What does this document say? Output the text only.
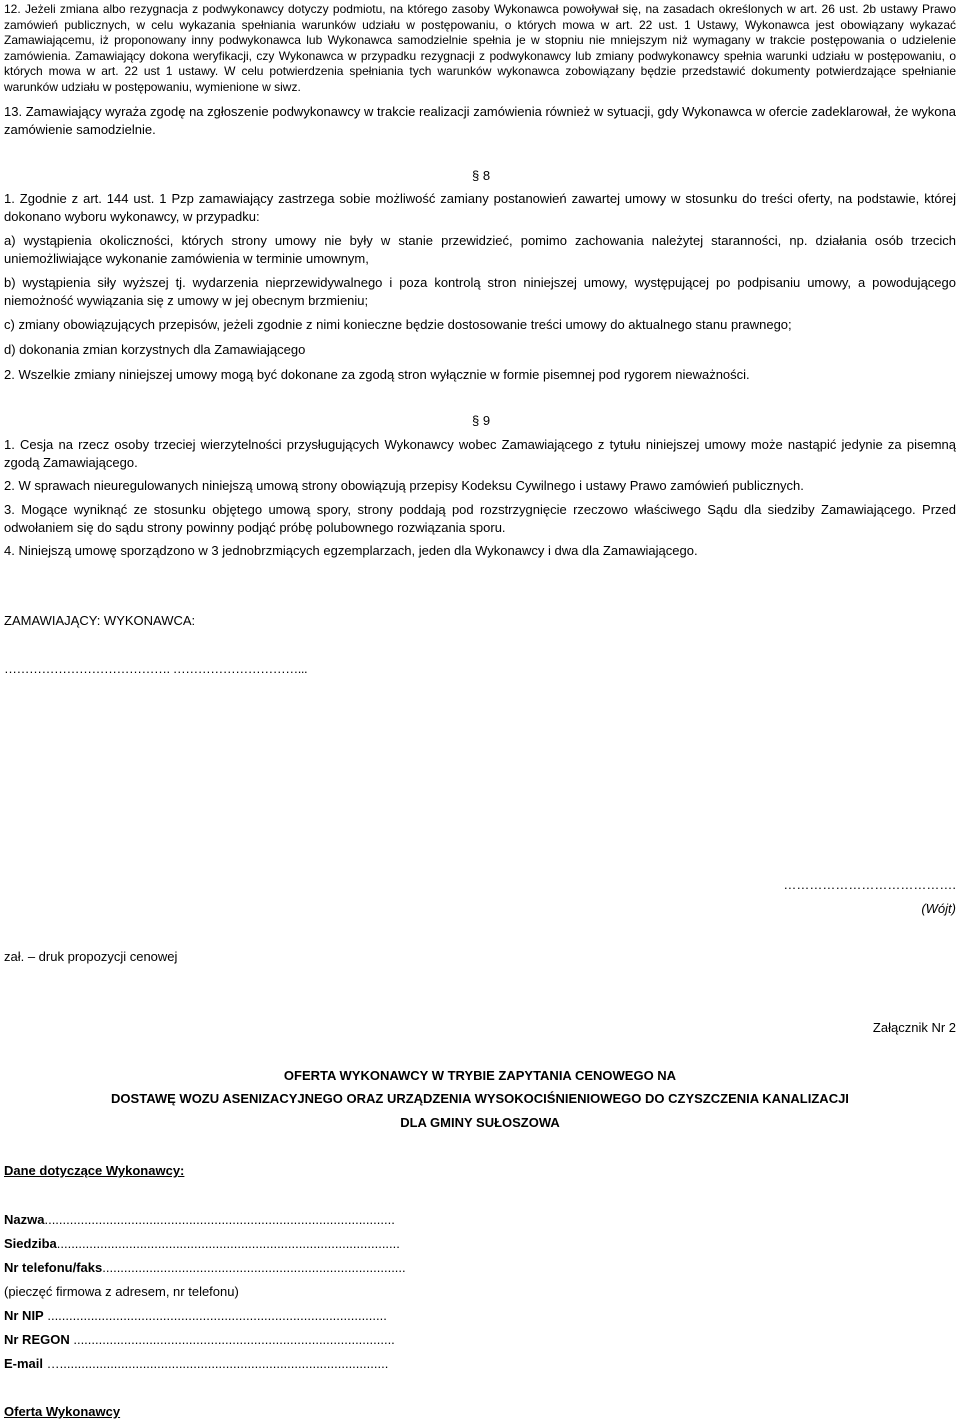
12. Jeżeli zmiana albo rezygnacja z podwykonawcy dotyczy podmiotu, na którego zasoby Wykonawca powoływał się, na zasadach określonych w art. 26 ust. 2b ustawy Prawo zamówień publicznych, w celu wykazania spełniania warunków udziału w postępowaniu, o których mowa w art. 22 ust. 1 Ustawy, Wykonawca jest obowiązany wykazać Zamawiającemu, iż proponowany inny podwykonawca lub Wykonawca samodzielnie spełnia je w stopniu nie mniejszym niż wymagany w trakcie postępowania o udzielenie zamówienia. Zamawiający dokona weryfikacji, czy Wykonawca w przypadku rezygnacji z podwykonawcy lub zmiany podwykonawcy spełnia warunki udziału w postępowaniu, o których mowa w art. 22 ust 1 ustawy. W celu potwierdzenia spełniania tych warunków wykonawca zobowiązany będzie przedstawić dokumenty potwierdzające spełnianie warunków udziału w postępowaniu, wymienione w siwz.

13. Zamawiający wyraża zgodę na zgłoszenie podwykonawcy w trakcie realizacji zamówienia również w sytuacji, gdy Wykonawca w ofercie zadeklarował, że wykona zamówienie samodzielnie.

§ 8

1. Zgodnie z art. 144 ust. 1 Pzp zamawiający zastrzega sobie możliwość zamiany postanowień zawartej umowy w stosunku do treści oferty, na podstawie, której dokonano wyboru wykonawcy, w przypadku:

a) wystąpienia okoliczności, których strony umowy nie były w stanie przewidzieć, pomimo zachowania należytej staranności, np. działania osób trzecich uniemożliwiające wykonanie zamówienia w terminie umownym,

b) wystąpienia siły wyższej tj. wydarzenia nieprzewidywalnego i poza kontrolą stron niniejszej umowy, występującej po podpisaniu umowy, a powodującego niemożność wywiązania się z umowy w jej obecnym brzmieniu;

c) zmiany obowiązujących przepisów, jeżeli zgodnie z nimi konieczne będzie dostosowanie treści umowy do aktualnego stanu prawnego;

d) dokonania zmian korzystnych dla Zamawiającego

2. Wszelkie zmiany niniejszej umowy mogą być dokonane za zgodą stron wyłącznie w formie pisemnej pod rygorem nieważności.

§ 9

1. Cesja na rzecz osoby trzeciej wierzytelności przysługujących Wykonawcy wobec Zamawiającego z tytułu niniejszej umowy może nastąpić jedynie za pisemną zgodą Zamawiającego.

2. W sprawach nieuregulowanych niniejszą umową strony obowiązują przepisy Kodeksu Cywilnego i ustawy Prawo zamówień publicznych.

3. Mogące wyniknąć ze stosunku objętego umową spory, strony poddają pod rozstrzygnięcie rzeczowo właściwego Sądu dla siedziby Zamawiającego. Przed odwołaniem się do sądu strony powinny podjąć próbę polubownego rozwiązania sporu.

4. Niniejszą umowę sporządzono w 3 jednobrzmiących egzemplarzach, jeden dla Wykonawcy i dwa dla Zamawiającego.

ZAMAWIAJĄCY: WYKONAWCA:
…………………………………. …………………………...
………………………………….
(Wójt)
zał. – druk propozycji cenowej
Załącznik Nr 2
OFERTA WYKONAWCY W TRYBIE ZAPYTANIA CENOWEGO NA
DOSTAWĘ WOZU ASENIZACYJNEGO ORAZ URZĄDZENIA WYSOKOCIŚNIENIOWEGO DO CZYSZCZENIA KANALIZACJI
DLA GMINY SUŁOSZOWA
Dane dotyczące Wykonawcy:
Nazwa.................................................................................................
Siedziba...............................................................................................
Nr telefonu/faks....................................................................................
(pieczęć firmowa z adresem, nr telefonu)
Nr NIP ..............................................................................................
Nr REGON .........................................................................................
E-mail …...........................................................................................
Oferta Wykonawcy
